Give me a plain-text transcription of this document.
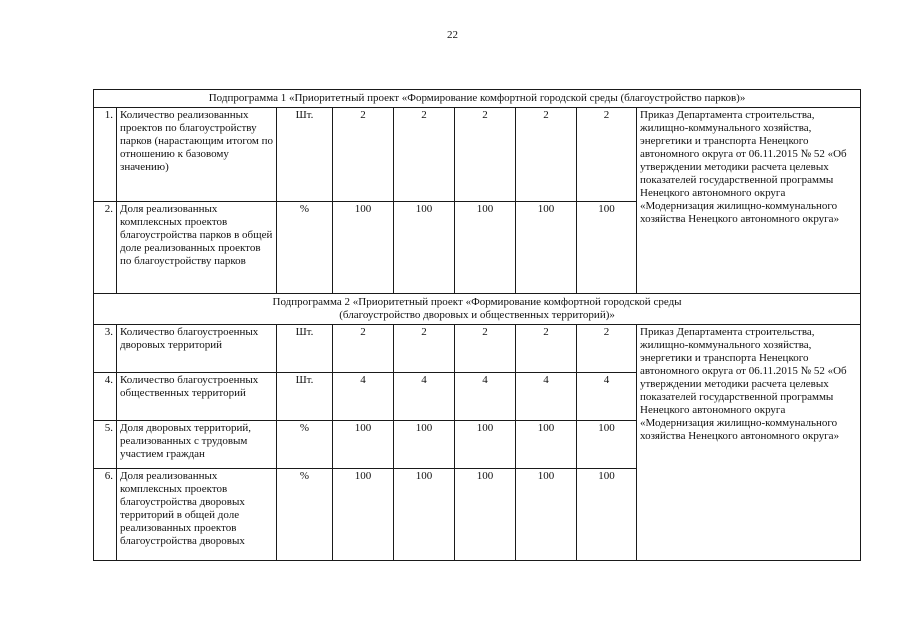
22
Подпрограмма 1 «Приоритетный проект «Формирование комфортной городской среды (благоустройство парков)»								

1.	Количество реализованных проектов по благоустройству парков (нарастающим итогом по отношению к базовому значению)	Шт.	2	2	2	2	2	Приказ Департамента строительства, жилищно-коммунального хозяйства, энергетики и транспорта Ненецкого автономного округа от 06.11.2015 № 52 «Об утверждении методики расчета целевых показателей государственной программы Ненецкого автономного округа «Модернизация жилищно-коммунального хозяйства Ненецкого автономного округа»
2.	Доля реализованных комплексных проектов благоустройства парков в общей доле реализованных проектов по благоустройству парков	%	100	100	100	100	100	

Подпрограмма 2 «Приоритетный проект «Формирование комфортной городской среды
(благоустройство дворовых и общественных территорий)»								

3.	Количество благоустроенных дворовых территорий	Шт.	2	2	2	2	2	Приказ Департамента строительства, жилищно-коммунального хозяйства, энергетики и транспорта Ненецкого автономного округа от 06.11.2015 № 52 «Об утверждении методики расчета целевых показателей государственной программы Ненецкого автономного округа «Модернизация жилищно-коммунального хозяйства Ненецкого автономного округа»
4.	Количество благоустроенных общественных территорий	Шт.	4	4	4	4	4	
5.	Доля дворовых территорий, реализованных с трудовым участием граждан	%	100	100	100	100	100	
6.	Доля реализованных комплексных проектов благоустройства дворовых территорий в общей доле реализованных проектов благоустройства дворовых	%	100	100	100	100	100	
